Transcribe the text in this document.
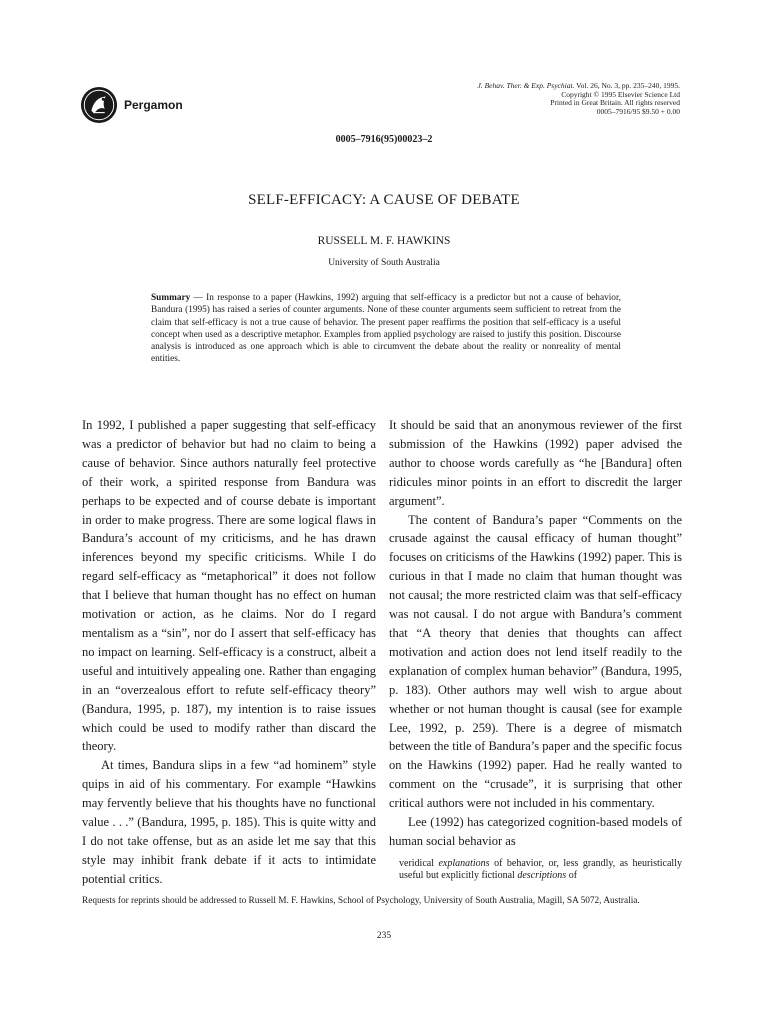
Pergamon
J. Behav. Ther. & Exp. Psychiat. Vol. 26, No. 3, pp. 235–240, 1995.
Copyright © 1995 Elsevier Science Ltd
Printed in Great Britain. All rights reserved
0005–7916/95 $9.50 + 0.00
0005–7916(95)00023–2
SELF-EFFICACY: A CAUSE OF DEBATE
RUSSELL M. F. HAWKINS
University of South Australia
Summary — In response to a paper (Hawkins, 1992) arguing that self-efficacy is a predictor but not a cause of behavior, Bandura (1995) has raised a series of counter arguments. None of these counter arguments seem sufficient to retreat from the claim that self-efficacy is not a true cause of behavior. The present paper reaffirms the position that self-efficacy is a useful concept when used as a descriptive metaphor. Examples from applied psychology are raised to justify this position. Discourse analysis is introduced as one approach which is able to circumvent the debate about the reality or nonreality of mental entities.

In 1992, I published a paper suggesting that self-efficacy was a predictor of behavior but had no claim to being a cause of behavior. Since authors naturally feel protective of their work, a spirited response from Bandura was perhaps to be expected and of course debate is important in order to make progress. There are some logical flaws in Bandura’s account of my criticisms, and he has drawn inferences beyond my specific criticisms. While I do regard self-efficacy as “metaphorical” it does not follow that I believe that human thought has no effect on human motivation or action, as he claims. Nor do I regard mentalism as a “sin”, nor do I assert that self-efficacy has no impact on learning. Self-efficacy is a construct, albeit a useful and intuitively appealing one. Rather than engaging in an “overzealous effort to refute self-efficacy theory” (Bandura, 1995, p. 187), my intention is to raise issues which could be used to modify rather than discard the theory.

At times, Bandura slips in a few “ad hominem” style quips in aid of his commentary. For example “Hawkins may fervently believe that his thoughts have no functional value . . .” (Bandura, 1995, p. 185). This is quite witty and I do not take offense, but as an aside let me say that this style may inhibit frank debate if it acts to intimidate potential critics.

It should be said that an anonymous reviewer of the first submission of the Hawkins (1992) paper advised the author to choose words carefully as “he [Bandura] often ridicules minor points in an effort to discredit the larger argument”.

The content of Bandura’s paper “Comments on the crusade against the causal efficacy of human thought” focuses on criticisms of the Hawkins (1992) paper. This is curious in that I made no claim that human thought was not causal; the more restricted claim was that self-efficacy was not causal. I do not argue with Bandura’s comment that “A theory that denies that thoughts can affect motivation and action does not lend itself readily to the explanation of complex human behavior” (Bandura, 1995, p. 183). Other authors may well wish to argue about whether or not human thought is causal (see for example Lee, 1992, p. 259). There is a degree of mismatch between the title of Bandura’s paper and the specific focus on the Hawkins (1992) paper. Had he really wanted to comment on the “crusade”, it is surprising that other critical authors were not included in his commentary.

Lee (1992) has categorized cognition-based models of human social behavior as

veridical explanations of behavior, or, less grandly, as heuristically useful but explicitly fictional descriptions of
Requests for reprints should be addressed to Russell M. F. Hawkins, School of Psychology, University of South Australia, Magill, SA 5072, Australia.
235
